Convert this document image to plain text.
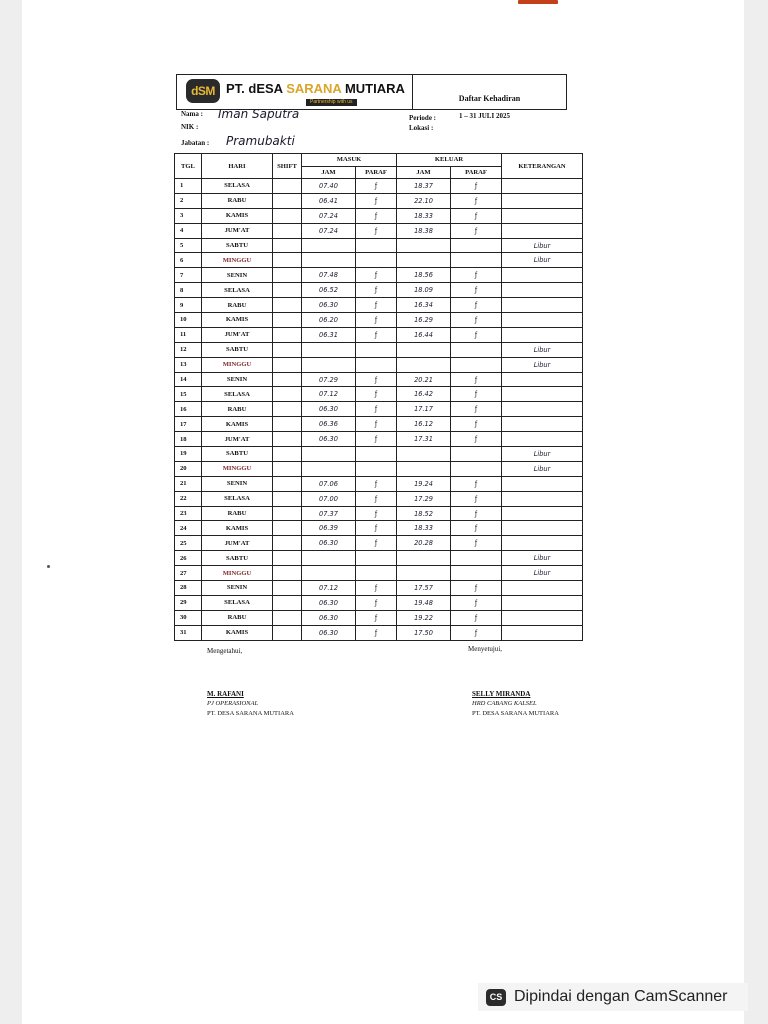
dSM PT. dESA SARANA MUTIARA
Partnership with us	Daftar Kehadiran
Nama : Iman Saputra
NIK :
Jabatan : Pramubakti
Periode :	1 – 31 JULI 2025
Lokasi :
TGL	HARI	SHIFT	MASUK		KELUAR		KETERANGAN
			JAM	PARAF	JAM	PARAF	
1	SELASA		07.40	ƒ	18.37	ƒ	
2	RABU		06.41	ƒ	22.10	ƒ	
3	KAMIS		07.24	ƒ	18.33	ƒ	
4	JUM'AT		07.24	ƒ	18.38	ƒ	
5	SABTU						Libur
6	MINGGU						Libur
7	SENIN		07.48	ƒ	18.56	ƒ	
8	SELASA		06.52	ƒ	18.09	ƒ	
9	RABU		06.30	ƒ	16.34	ƒ	
10	KAMIS		06.20	ƒ	16.29	ƒ	
11	JUM'AT		06.31	ƒ	16.44	ƒ	
12	SABTU						Libur
13	MINGGU						Libur
14	SENIN		07.29	ƒ	20.21	ƒ	
15	SELASA		07.12	ƒ	16.42	ƒ	
16	RABU		06.30	ƒ	17.17	ƒ	
17	KAMIS		06.36	ƒ	16.12	ƒ	
18	JUM'AT		06.30	ƒ	17.31	ƒ	
19	SABTU						Libur
20	MINGGU						Libur
21	SENIN		07.06	ƒ	19.24	ƒ	
22	SELASA		07.00	ƒ	17.29	ƒ	
23	RABU		07.37	ƒ	18.52	ƒ	
24	KAMIS		06.39	ƒ	18.33	ƒ	
25	JUM'AT		06.30	ƒ	20.28	ƒ	
26	SABTU						Libur
27	MINGGU						Libur
28	SENIN		07.12	ƒ	17.57	ƒ	
29	SELASA		06.30	ƒ	19.48	ƒ	
30	RABU		06.30	ƒ	19.22	ƒ	
31	KAMIS		06.30	ƒ	17.50	ƒ	
Mengetahui,	Menyetujui,
M. RAFANI
PJ OPERASIONAL
PT. DESA SARANA MUTIARA
SELLY MIRANDA
HRD CABANG KALSEL
PT. DESA SARANA MUTIARA
CS Dipindai dengan CamScanner
